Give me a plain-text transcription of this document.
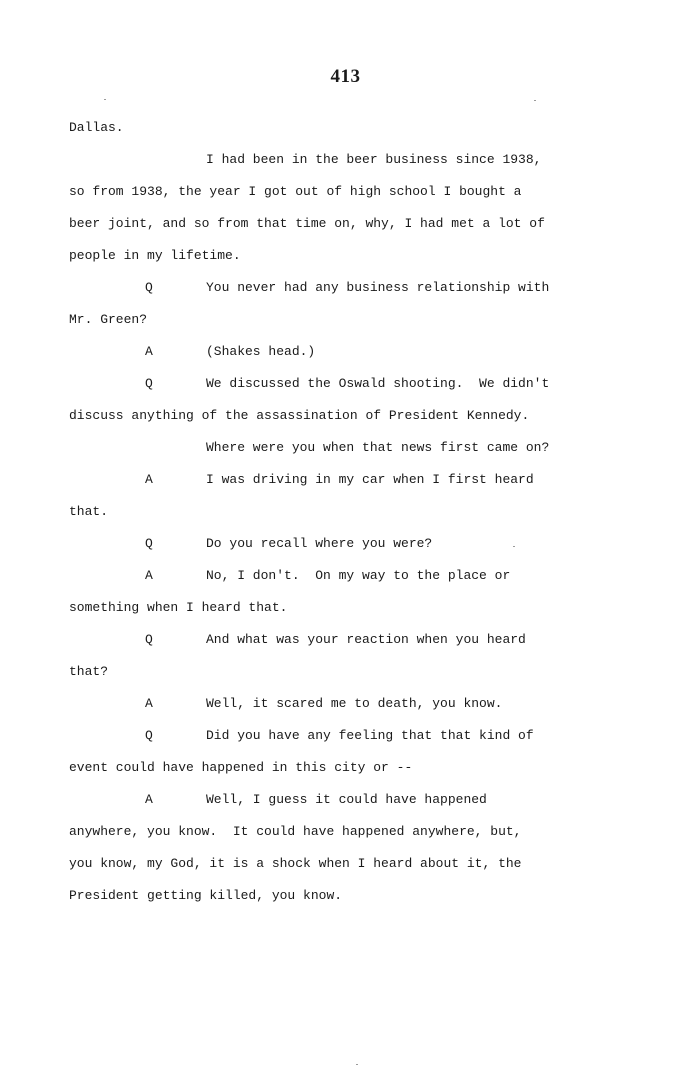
413
Dallas.
I had been in the beer business since 1938,
so from 1938, the year I got out of high school I bought a
beer joint, and so from that time on, why, I had met a lot of
people in my lifetime.
Q	You never had any business relationship with
Mr. Green?
A	(Shakes head.)
Q	We discussed the Oswald shooting.  We didn't
discuss anything of the assassination of President Kennedy.
Where were you when that news first came on?
A	I was driving in my car when I first heard
that.
Q	Do you recall where you were?
A	No, I don't.  On my way to the place or
something when I heard that.
Q	And what was your reaction when you heard
that?
A	Well, it scared me to death, you know.
Q	Did you have any feeling that that kind of
event could have happened in this city or --
A	Well, I guess it could have happened
anywhere, you know.  It could have happened anywhere, but,
you know, my God, it is a shock when I heard about it, the
President getting killed, you know.
